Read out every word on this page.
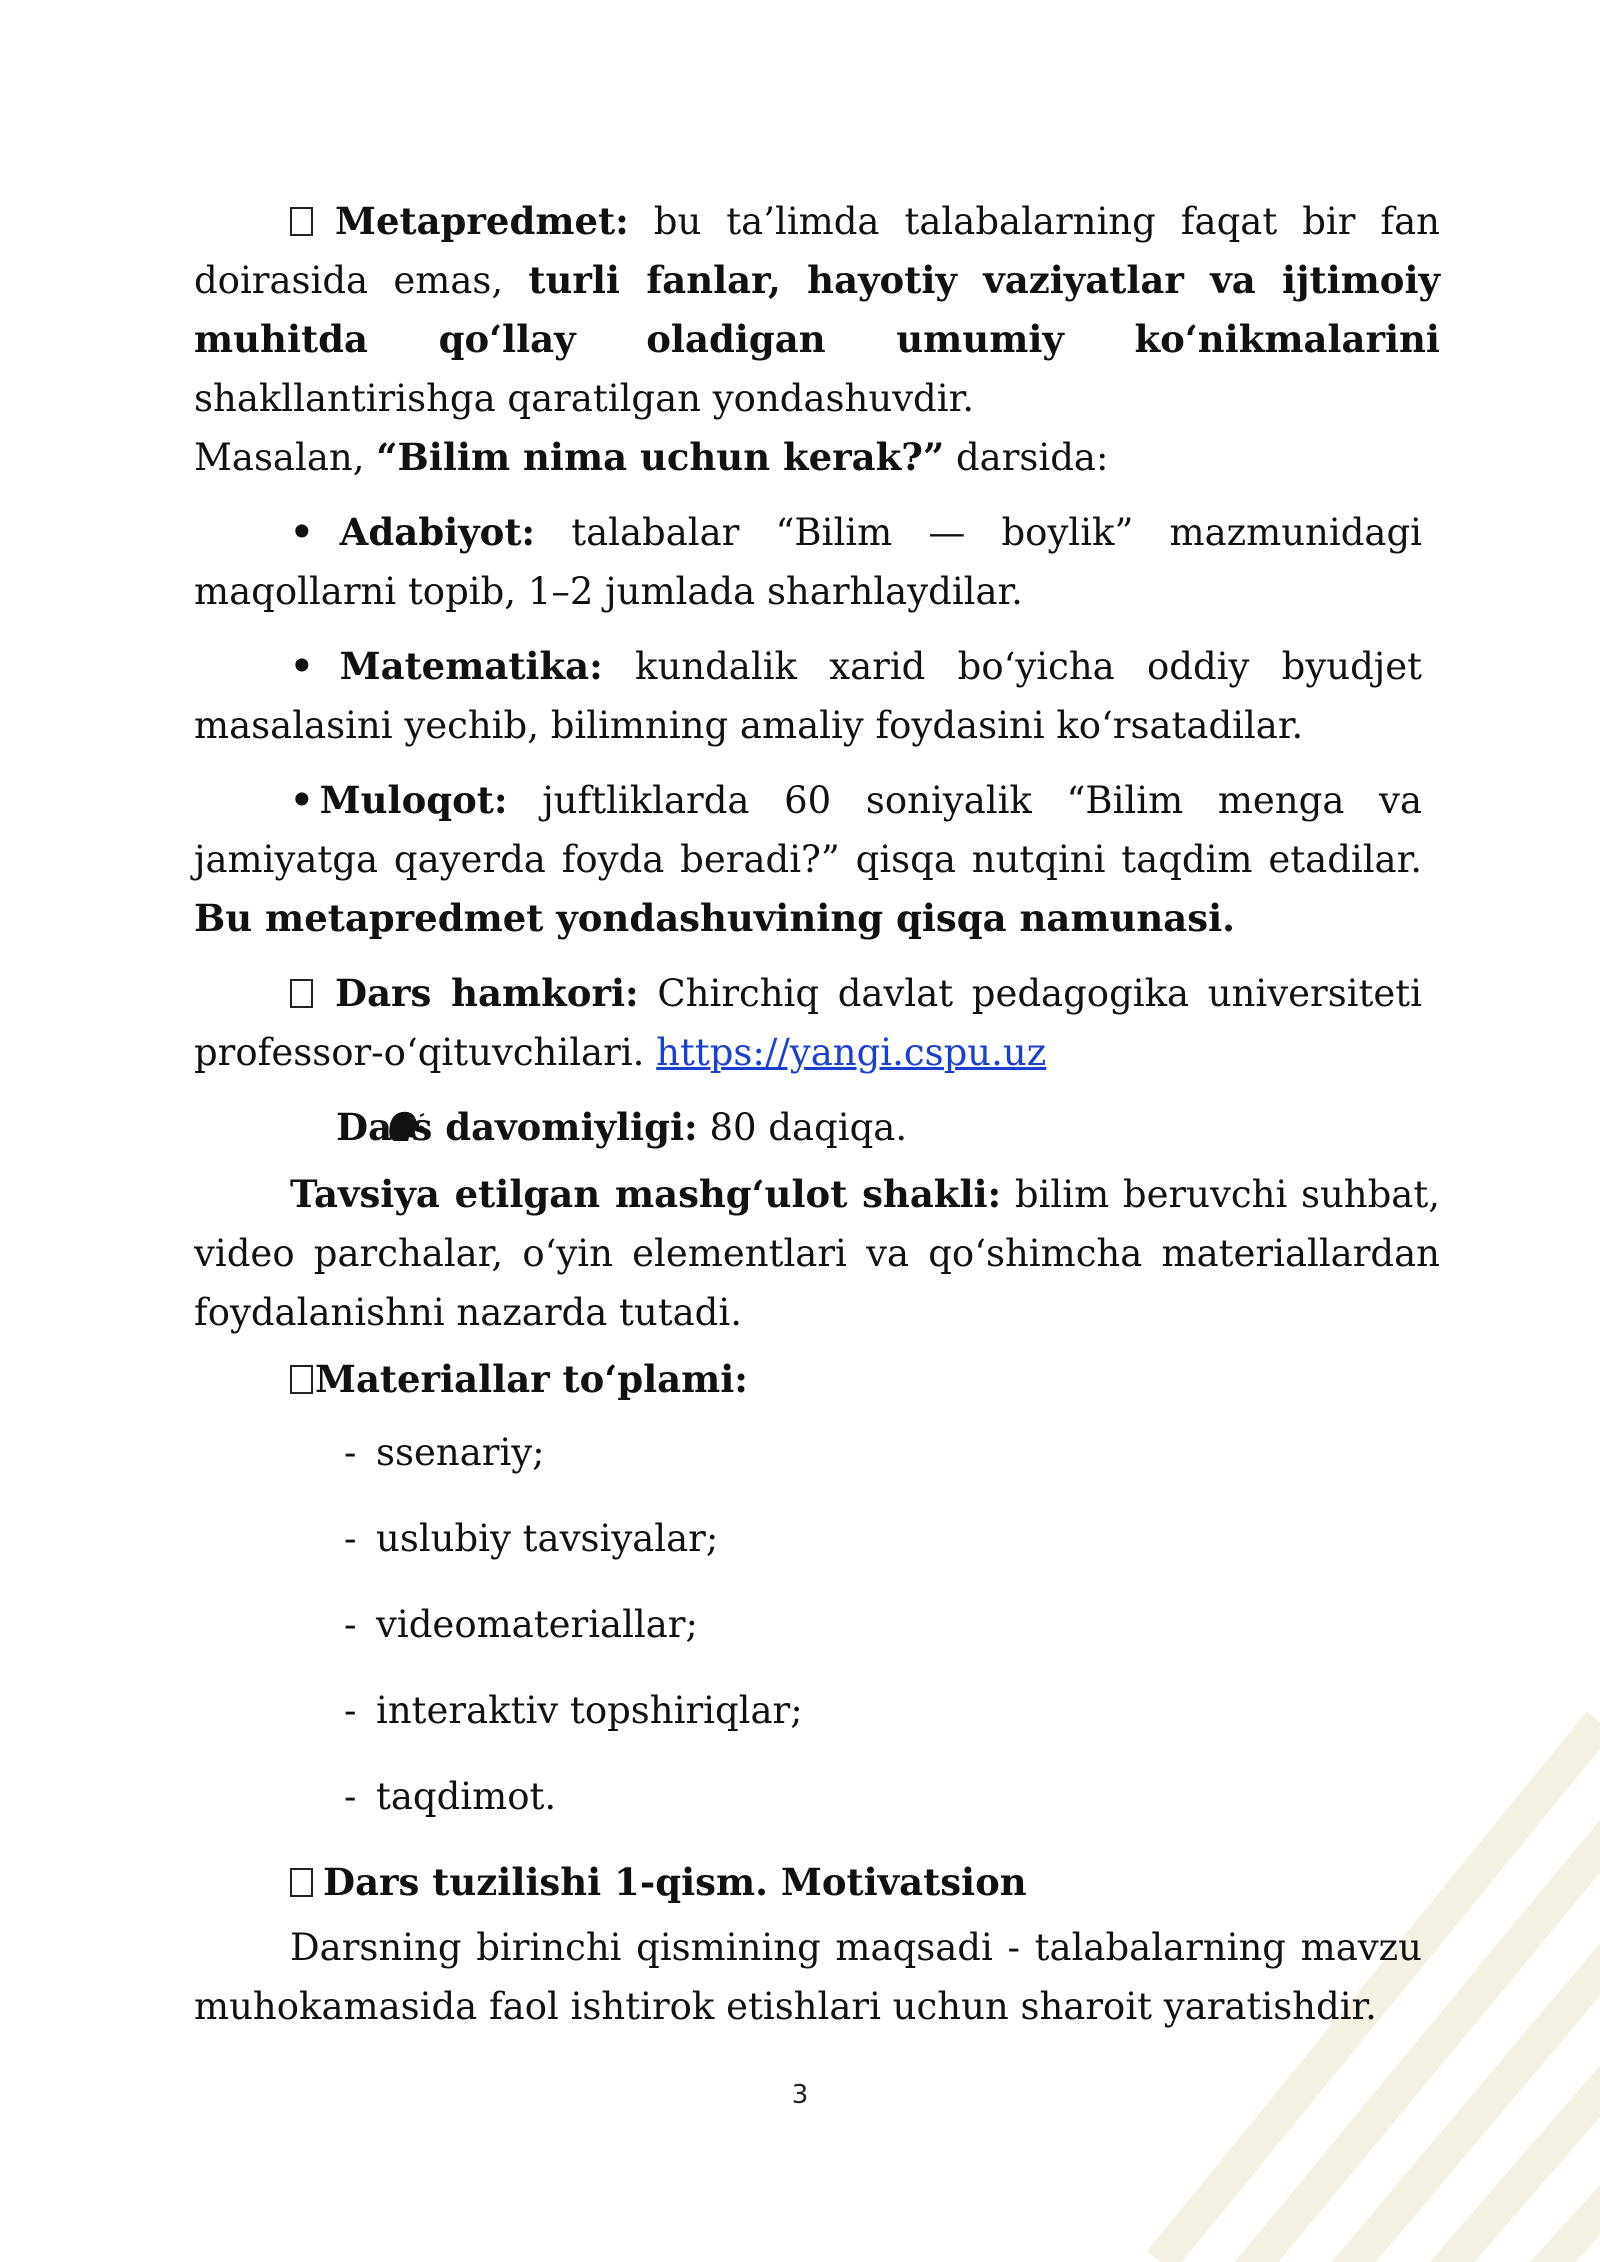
Metapredmet: bu ta’limda talabalarning faqat bir fan doirasida emas, turli fanlar, hayotiy vaziyatlar va ijtimoiy muhitda qo‘llay oladigan umumiy ko‘nikmalarini shakllantirishga qaratilgan yondashuvdir.

Masalan, “Bilim nima uchun kerak?” darsida:

• Adabiyot: talabalar “Bilim — boylik” mazmunidagi maqollarni topib, 1–2 jumlada sharhlaydilar.

• Matematika: kundalik xarid bo‘yicha oddiy byudjet masalasini yechib, bilimning amaliy foydasini ko‘rsatadilar.

• Muloqot: juftliklarda 60 soniyalik “Bilim menga va jamiyatga qayerda foyda beradi?” qisqa nutqini taqdim etadilar. Bu metapredmet yondashuvining qisqa namunasi.

Dars hamkori: Chirchiq davlat pedagogika universiteti professor-o‘qituvchilari. https://yangi.cspu.uz

Dars davomiyligi: 80 daqiqa.

Tavsiya etilgan mashg‘ulot shakli: bilim beruvchi suhbat, video parchalar, o‘yin elementlari va qo‘shimcha materiallardan foydalanishni nazarda tutadi.

Materiallar to‘plami:

- ssenariy;
- uslubiy tavsiyalar;
- videomateriallar;
- interaktiv topshiriqlar;
- taqdimot.

Dars tuzilishi 1-qism. Motivatsion

Darsning birinchi qismining maqsadi - talabalarning mavzu muhokamasida faol ishtirok etishlari uchun sharoit yaratishdir.

3
